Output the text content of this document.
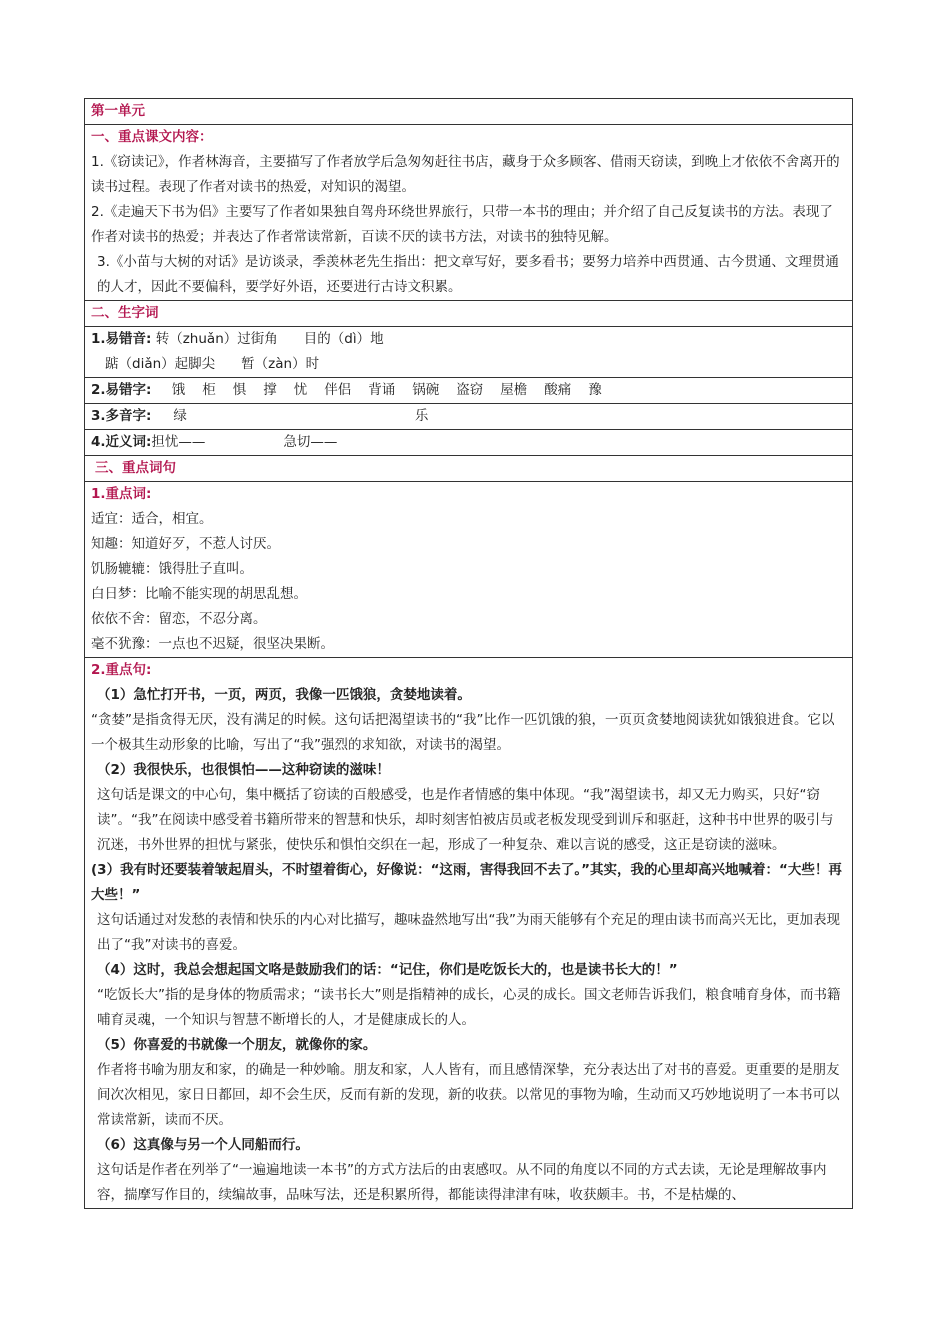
第一单元
一、重点课文内容：
1.《窃读记》，作者林海音，主要描写了作者放学后急匆匆赶往书店，藏身于众多顾客、借雨天窃读，到晚上才依依不舍离开的读书过程。表现了作者对读书的热爱，对知识的渴望。
2.《走遍天下书为侣》主要写了作者如果独自驾舟环绕世界旅行，只带一本书的理由；并介绍了自己反复读书的方法。表现了作者对读书的热爱；并表达了作者常读常新，百读不厌的读书方法，对读书的独特见解。
3.《小苗与大树的对话》是访谈录，季羡林老先生指出：把文章写好，要多看书；要努力培养中西贯通、古今贯通、文理贯通的人才，因此不要偏科，要学好外语，还要进行古诗文积累。
二、生字词
1.易错音: 转（zhuǎn）过街角 目的（dì）地
踮（diǎn）起脚尖 暂（zàn）时
2.易错字: 饿 柜 惧 撑 忧 伴侣 背诵 锅碗 盗窃 屋檐 酸痛 豫
3.多音字: 绿	乐
4.近义词:担忧——	急切——
三、重点词句
1.重点词:
适宜：适合，相宜。
知趣：知道好歹，不惹人讨厌。
饥肠辘辘：饿得肚子直叫。
白日梦：比喻不能实现的胡思乱想。
依依不舍：留恋，不忍分离。
毫不犹豫：一点也不迟疑，很坚决果断。
2.重点句:
（1）急忙打开书，一页，两页，我像一匹饿狼，贪婪地读着。
“贪婪”是指贪得无厌，没有满足的时候。这句话把渴望读书的“我”比作一匹饥饿的狼，一页页贪婪地阅读犹如饿狼进食。它以一个极其生动形象的比喻，写出了“我”强烈的求知欲，对读书的渴望。
（2）我很快乐，也很惧怕——这种窃读的滋味！
这句话是课文的中心句，集中概括了窃读的百般感受，也是作者情感的集中体现。“我”渴望读书，却又无力购买，只好“窃读”。“我”在阅读中感受着书籍所带来的智慧和快乐，却时刻害怕被店员或老板发现受到训斥和驱赶，这种书中世界的吸引与沉迷，书外世界的担忧与紧张，使快乐和惧怕交织在一起，形成了一种复杂、难以言说的感受，这正是窃读的滋味。
(3）我有时还要装着皱起眉头，不时望着街心，好像说：“这雨，害得我回不去了。”其实，我的心里却高兴地喊着：“大些！再大些！”
这句话通过对发愁的表情和快乐的内心对比描写，趣味盎然地写出“我”为雨天能够有个充足的理由读书而高兴无比，更加表现出了“我”对读书的喜爱。
（4）这时，我总会想起国文咯是鼓励我们的话：“记住，你们是吃饭长大的，也是读书长大的！”
“吃饭长大”指的是身体的物质需求；“读书长大”则是指精神的成长，心灵的成长。国文老师告诉我们，粮食哺育身体，而书籍哺育灵魂，一个知识与智慧不断增长的人，才是健康成长的人。
（5）你喜爱的书就像一个朋友，就像你的家。
作者将书喻为朋友和家，的确是一种妙喻。朋友和家，人人皆有，而且感情深挚，充分表达出了对书的喜爱。更重要的是朋友间次次相见，家日日都回，却不会生厌，反而有新的发现，新的收获。以常见的事物为喻，生动而又巧妙地说明了一本书可以常读常新，读而不厌。
（6）这真像与另一个人同船而行。
这句话是作者在列举了“一遍遍地读一本书”的方式方法后的由衷感叹。从不同的角度以不同的方式去读，无论是理解故事内容，揣摩写作目的，续编故事，品味写法，还是积累所得，都能读得津津有味，收获颇丰。书，不是枯燥的、
